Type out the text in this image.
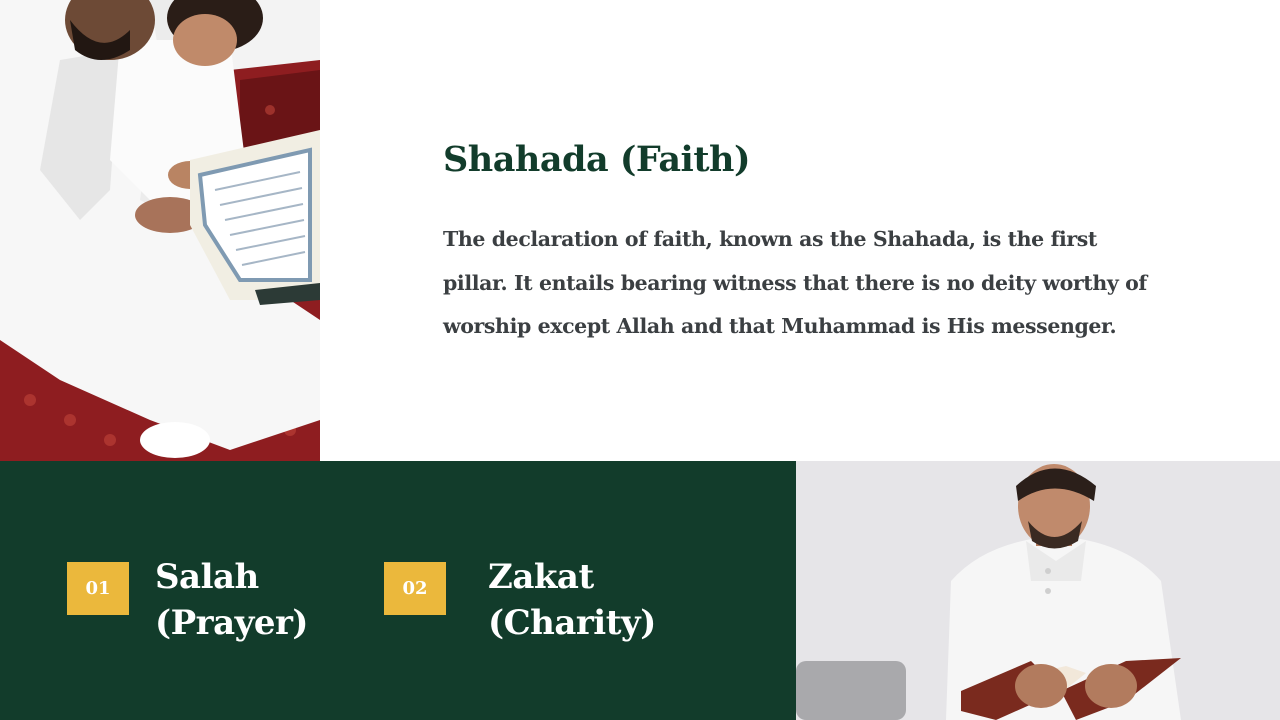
Shahada (Faith)

The declaration of faith, known as the Shahada, is the first pillar. It entails bearing witness that there is no deity worthy of worship except Allah and that Muhammad is His messenger.

01	Salah
(Prayer)
02	Zakat
(Charity)
